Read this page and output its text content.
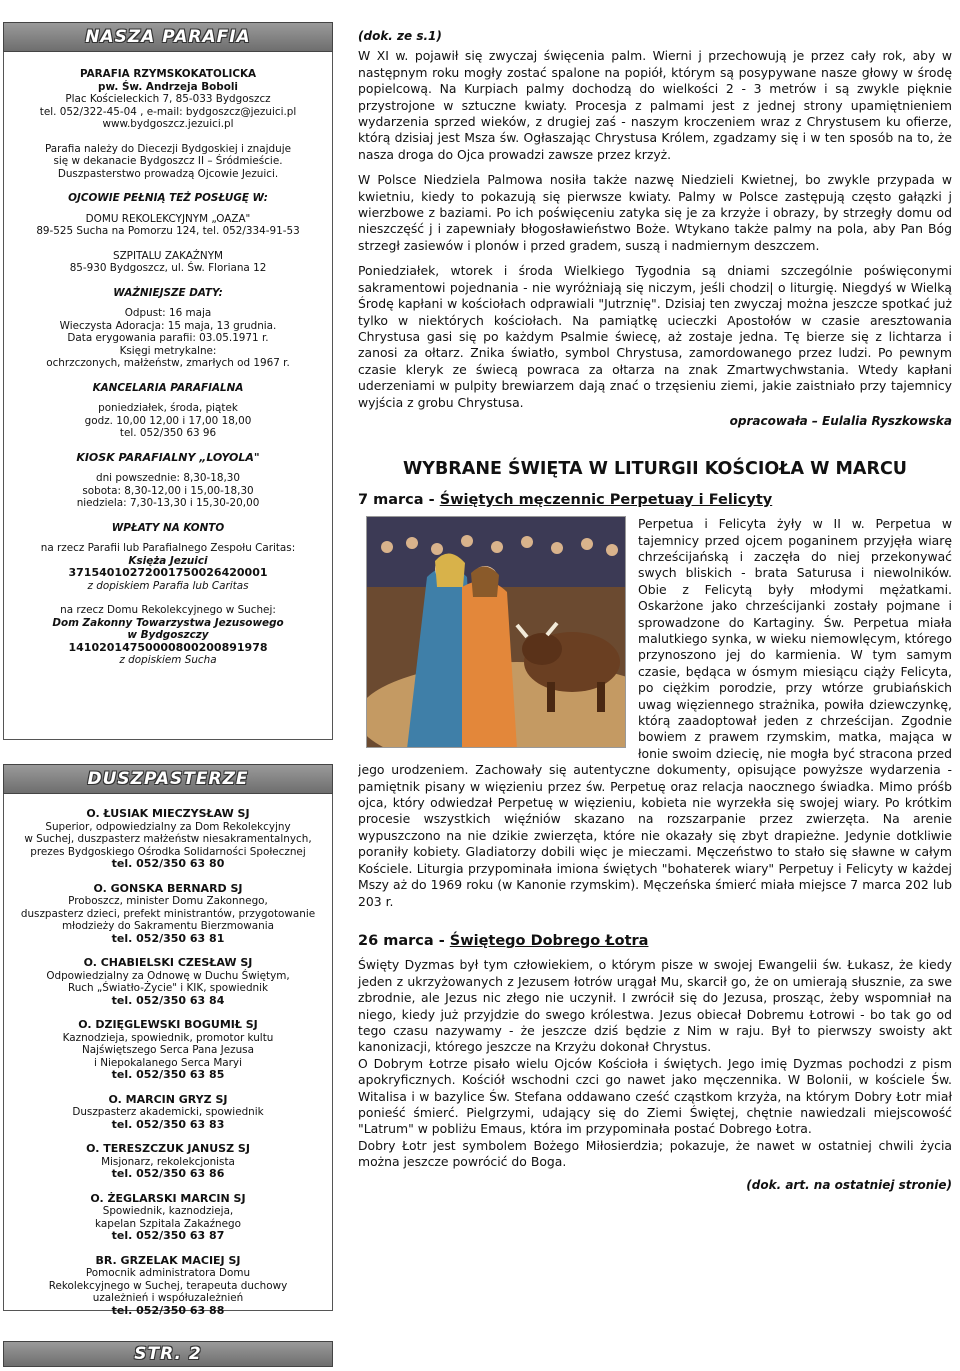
NASZA PARAFIA
PARAFIA RZYMSKOKATOLICKA
pw. Św. Andrzeja Boboli
Plac Kościeleckich 7, 85-033 Bydgoszcz
tel. 052/322-45-04 , e-mail: bydgoszcz@jezuici.pl
www.bydgoszcz.jezuici.pl
Parafia należy do Diecezji Bydgoskiej i znajduje
się w dekanacie Bydgoszcz II – Śródmieście.
Duszpasterstwo prowadzą Ojcowie Jezuici.
OJCOWIE PEŁNIĄ TEŻ POSŁUGĘ W:
DOMU REKOLEKCYJNYM „OAZA"
89-525 Sucha na Pomorzu 124, tel. 052/334-91-53
SZPITALU ZAKAŹNYM
85-930 Bydgoszcz, ul. Św. Floriana 12
WAŻNIEJSZE DATY:
Odpust: 16 maja
Wieczysta Adoracja: 15 maja, 13 grudnia.
Data erygowania parafii: 03.05.1971 r.
Księgi metrykalne:
ochrzczonych, małżeństw, zmarłych od 1967 r.
KANCELARIA PARAFIALNA
poniedziałek, środa, piątek
godz. 10,00 12,00 i 17,00 18,00
tel. 052/350 63 96
KIOSK PARAFIALNY „LOYOLA"
dni powszednie: 8,30-18,30
sobota: 8,30-12,00 i 15,00-18,30
niedziela: 7,30-13,30 i 15,30-20,00
WPŁATY NA KONTO
na rzecz Parafii lub Parafialnego Zespołu Caritas:
Księża Jezuici
37154010272001750026420001
z dopiskiem Parafia lub Caritas
na rzecz Domu Rekolekcyjnego w Suchej:
Dom Zakonny Towarzystwa Jezusowego
w Bydgoszczy
14102014750000800200891978
z dopiskiem Sucha
DUSZPASTERZE
O. ŁUSIAK MIECZYSŁAW SJ
Superior, odpowiedzialny za Dom Rekolekcyjny
w Suchej, duszpasterz małżeństw niesakramentalnych,
prezes Bydgoskiego Ośrodka Solidarności Społecznej
tel. 052/350 63 80
O. GONSKA BERNARD SJ
Proboszcz, minister Domu Zakonnego,
duszpasterz dzieci, prefekt ministrantów, przygotowanie
młodzieży do Sakramentu Bierzmowania
tel. 052/350 63 81
O. CHABIELSKI CZESŁAW SJ
Odpowiedzialny za Odnowę w Duchu Świętym,
Ruch „Światło-Życie" i KIK, spowiednik
tel. 052/350 63 84
O. DZIĘGLEWSKI BOGUMIŁ SJ
Kaznodzieja, spowiednik, promotor kultu
Najświętszego Serca Pana Jezusa
i Niepokalanego Serca Maryi
tel. 052/350 63 85
O. MARCIN GRYZ SJ
Duszpasterz akademicki, spowiednik
tel. 052/350 63 83
O. TERESZCZUK JANUSZ SJ
Misjonarz, rekolekcjonista
tel. 052/350 63 86
O. ŻEGLARSKI MARCIN SJ
Spowiednik, kaznodzieja,
kapelan Szpitala Zakaźnego
tel. 052/350 63 87
BR. GRZELAK MACIEJ SJ
Pomocnik administratora Domu
Rekolekcyjnego w Suchej, terapeuta duchowy
uzależnień i współuzależnień
tel. 052/350 63 88
STR. 2
(dok. ze s.1)

W XI w. pojawił się zwyczaj święcenia palm. Wierni j przechowują je przez cały rok, aby w następnym roku mogły zostać spalone na popiół, którym są posypywane nasze głowy w środę popielcową. Na Kurpiach palmy dochodzą do wielkości 2 - 3 metrów i są zwykle pięknie przystrojone w sztuczne kwiaty. Procesja z palmami jest z jednej strony upamiętnieniem wydarzenia sprzed wieków, z drugiej zaś - naszym kroczeniem wraz z Chrystusem ku ofierze, którą dzisiaj jest Msza św. Ogłaszając Chrystusa Królem, zgadzamy się i w ten sposób na to, że nasza droga do Ojca prowadzi zawsze przez krzyż.

W Polsce Niedziela Palmowa nosiła także nazwę Niedzieli Kwietnej, bo zwykle przypada w kwietniu, kiedy to pokazują się pierwsze kwiaty. Palmy w Polsce zastępują często gałązki j wierzbowe z baziami. Po ich poświęceniu zatyka się je za krzyże i obrazy, by strzegły domu od nieszczęść j i zapewniały błogosławieństwo Boże. Wtykano także palmy na pola, aby Pan Bóg strzegł zasiewów i plonów i przed gradem, suszą i nadmiernym deszczem.

Poniedziałek, wtorek i środa Wielkiego Tygodnia są dniami szczególnie poświęconymi sakramentowi pojednania - nie wyróżniają się niczym, jeśli chodzi| o liturgię. Niegdyś w Wielką Środę kapłani w kościołach odprawiali "Jutrznię". Dzisiaj ten zwyczaj można jeszcze spotkać już tylko w niektórych kościołach. Na pamiątkę ucieczki Apostołów w czasie aresztowania Chrystusa gasi się po każdym Psalmie świecę, aż zostaje jedna. Tę bierze się z lichtarza i zanosi za ołtarz. Znika światło, symbol Chrystusa, zamordowanego przez ludzi. Po pewnym czasie kleryk ze świecą powraca za ołtarza na znak Zmartwychwstania. Wtedy kapłani uderzeniami w pulpity brewiarzem dają znać o trzęsieniu ziemi, jakie zaistniało przy tajemnicy wyjścia z grobu Chrystusa.

opracowała – Eulalia Ryszkowska
WYBRANE ŚWIĘTA W LITURGII KOŚCIOŁA W MARCU
7 marca - Świętych męczennic Perpetuay i Felicyty

Perpetua i Felicyta żyły w II w. Perpetua w tajemnicy przed ojcem poganinem przyjęła wiarę chrześcijańską i zaczęła do niej przekonywać swych bliskich - brata Saturusa i niewolników. Obie z Felicytą były młodymi mężatkami. Oskarżone jako chrześcijanki zostały pojmane i sprowadzone do Kartaginy. Św. Perpetua miała malutkiego synka, w wieku niemowlęcym, którego przynoszono jej do karmienia. W tym samym czasie, będąca w ósmym miesiącu ciąży Felicyta, po ciężkim porodzie, przy wtórze grubiańskich uwag więziennego strażnika, powiła dziewczynkę, którą zaadoptował jeden z chrześcijan. Zgodnie bowiem z prawem rzymskim, matka, mająca w łonie swoim dziecię, nie mogła być stracona przed jego urodzeniem. Zachowały się autentyczne dokumenty, opisujące powyższe wydarzenia - pamiętnik pisany w więzieniu przez św. Perpetuę oraz relacja naocznego świadka. Mimo próśb ojca, który odwiedzał Perpetuę w więzieniu, kobieta nie wyrzekła się swojej wiary. Po krótkim procesie wszystkich więźniów skazano na rozszarpanie przez zwierzęta. Na arenie wypuszczono na nie dzikie zwierzęta, które nie okazały się zbyt drapieżne. Jedynie dotkliwie poraniły kobiety. Gladiatorzy dobili więc je mieczami. Męczeństwo to stało się sławne w całym Kościele. Liturgia przypominała imiona świętych "bohaterek wiary" Perpetuy i Felicyty w każdej Mszy aż do 1969 roku (w Kanonie rzymskim). Męczeńska śmierć miała miejsce 7 marca 202 lub 203 r.

26 marca - Świętego Dobrego Łotra

Święty Dyzmas był tym człowiekiem, o którym pisze w swojej Ewangelii św. Łukasz, że kiedy jeden z ukrzyżowanych z Jezusem łotrów urągał Mu, skarcił go, że on umierają słusznie, za swe zbrodnie, ale Jezus nic złego nie uczynił. I zwrócił się do Jezusa, prosząc, żeby wspomniał na niego, kiedy już przyjdzie do swego królestwa. Jezus obiecał Dobremu Łotrowi - bo tak go od tego czasu nazywamy - że jeszcze dziś będzie z Nim w raju. Był to pierwszy swoisty akt kanonizacji, którego jeszcze na Krzyżu dokonał Chrystus.

O Dobrym Łotrze pisało wielu Ojców Kościoła i świętych. Jego imię Dyzmas pochodzi z pism apokryficznych. Kościół wschodni czci go nawet jako męczennika. W Bolonii, w kościele Św. Witalisa i w bazylice Św. Stefana oddawano cześć cząstkom krzyża, na którym Dobry Łotr miał ponieść śmierć. Pielgrzymi, udający się do Ziemi Świętej, chętnie nawiedzali miejscowość "Latrum" w pobliżu Emaus, która im przypominała postać Dobrego Łotra.

Dobry Łotr jest symbolem Bożego Miłosierdzia; pokazuje, że nawet w ostatniej chwili życia można jeszcze powrócić do Boga.

(dok. art. na ostatniej stronie)
